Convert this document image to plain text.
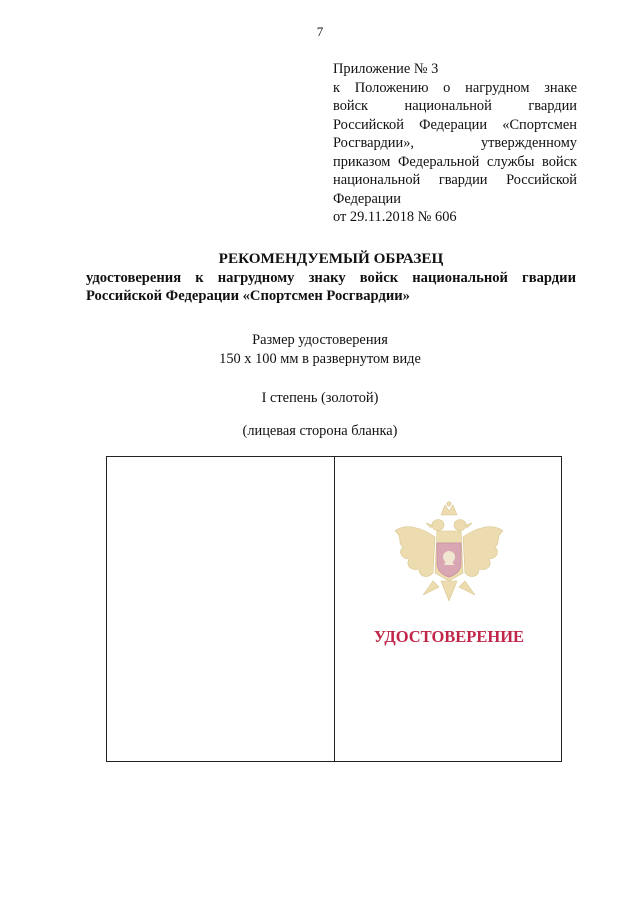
7
Приложение № 3
к Положению о нагрудном знаке
войск национальной гвардии
Российской Федерации «Спортсмен
Росгвардии», утвержденному
приказом Федеральной службы войск
национальной гвардии Российской
Федерации
от 29.11.2018 № 606
РЕКОМЕНДУЕМЫЙ ОБРАЗЕЦ
удостоверения к нагрудному знаку войск национальной гвардии
Российской Федерации «Спортсмен Росгвардии»
Размер удостоверения
150 х 100 мм в развернутом виде
I степень (золотой)
(лицевая сторона бланка)
УДОСТОВЕРЕНИЕ
